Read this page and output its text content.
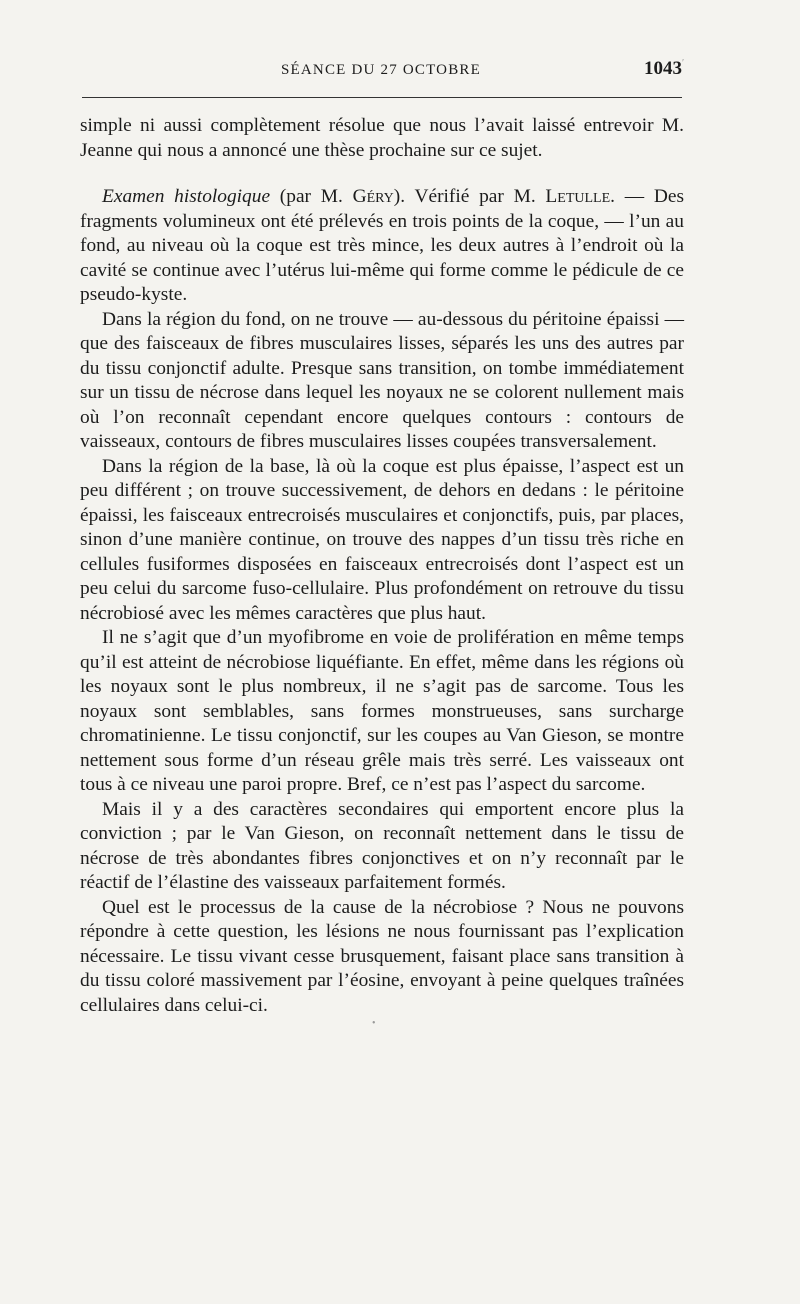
SÉANCE DU 27 OCTOBRE	1043

simple ni aussi complètement résolue que nous l’avait laissé entrevoir M. Jeanne qui nous a annoncé une thèse prochaine sur ce sujet.

Examen histologique (par M. Géry). Vérifié par M. Letulle. — Des fragments volumineux ont été prélevés en trois points de la coque, — l’un au fond, au niveau où la coque est très mince, les deux autres à l’endroit où la cavité se continue avec l’utérus lui-même qui forme comme le pédicule de ce pseudo-kyste.

Dans la région du fond, on ne trouve — au-dessous du péritoine épaissi — que des faisceaux de fibres musculaires lisses, séparés les uns des autres par du tissu conjonctif adulte. Presque sans transition, on tombe immédiatement sur un tissu de nécrose dans lequel les noyaux ne se colorent nullement mais où l’on reconnaît cependant encore quelques contours : contours de vaisseaux, contours de fibres musculaires lisses coupées transversalement.

Dans la région de la base, là où la coque est plus épaisse, l’aspect est un peu différent ; on trouve successivement, de dehors en dedans : le péritoine épaissi, les faisceaux entrecroisés musculaires et conjonctifs, puis, par places, sinon d’une manière continue, on trouve des nappes d’un tissu très riche en cellules fusiformes disposées en faisceaux entrecroisés dont l’aspect est un peu celui du sarcome fuso-cellulaire. Plus profondément on retrouve du tissu nécrobiosé avec les mêmes caractères que plus haut.

Il ne s’agit que d’un myofibrome en voie de prolifération en même temps qu’il est atteint de nécrobiose liquéfiante. En effet, même dans les régions où les noyaux sont le plus nombreux, il ne s’agit pas de sarcome. Tous les noyaux sont semblables, sans formes monstrueuses, sans surcharge chromatinienne. Le tissu conjonctif, sur les coupes au Van Gieson, se montre nettement sous forme d’un réseau grêle mais très serré. Les vaisseaux ont tous à ce niveau une paroi propre. Bref, ce n’est pas l’aspect du sarcome.

Mais il y a des caractères secondaires qui emportent encore plus la conviction ; par le Van Gieson, on reconnaît nettement dans le tissu de nécrose de très abondantes fibres conjonctives et on n’y reconnaît par le réactif de l’élastine des vaisseaux parfaitement formés.

Quel est le processus de la cause de la nécrobiose ? Nous ne pouvons répondre à cette question, les lésions ne nous fournissant pas l’explication nécessaire. Le tissu vivant cesse brusquement, faisant place sans transition à du tissu coloré massivement par l’éosine, envoyant à peine quelques traînées cellulaires dans celui-ci.

ʹ
•
